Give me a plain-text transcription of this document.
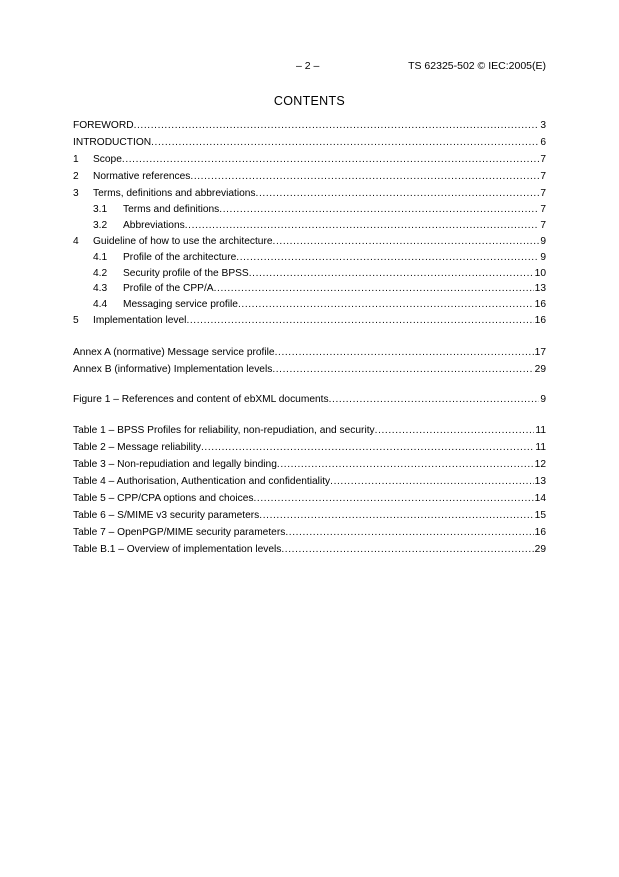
– 2 –	TS 62325-502 © IEC:2005(E)
CONTENTS
FOREWORD .....	3
INTRODUCTION .....	6
1	Scope .....	7
2	Normative references .....	7
3	Terms, definitions and abbreviations .....	7
3.1	Terms and definitions .....	7
3.2	Abbreviations .....	7
4	Guideline of how to use the architecture .....	9
4.1	Profile of the architecture .....	9
4.2	Security profile of the BPSS .....	10
4.3	Profile of the CPP/A .....	13
4.4	Messaging service profile .....	16
5	Implementation level .....	16
Annex A (normative) Message service profile .....	17
Annex B (informative) Implementation levels .....	29
Figure 1 – References and content of ebXML documents .....	9
Table 1 – BPSS Profiles for reliability, non-repudiation, and security .....	11
Table 2 – Message reliability .....	11
Table 3 – Non-repudiation and legally binding .....	12
Table 4 – Authorisation, Authentication and confidentiality .....	13
Table 5 – CPP/CPA options and choices .....	14
Table 6 – S/MIME v3 security parameters .....	15
Table 7 – OpenPGP/MIME security parameters .....	16
Table B.1 – Overview of implementation levels .....	29
